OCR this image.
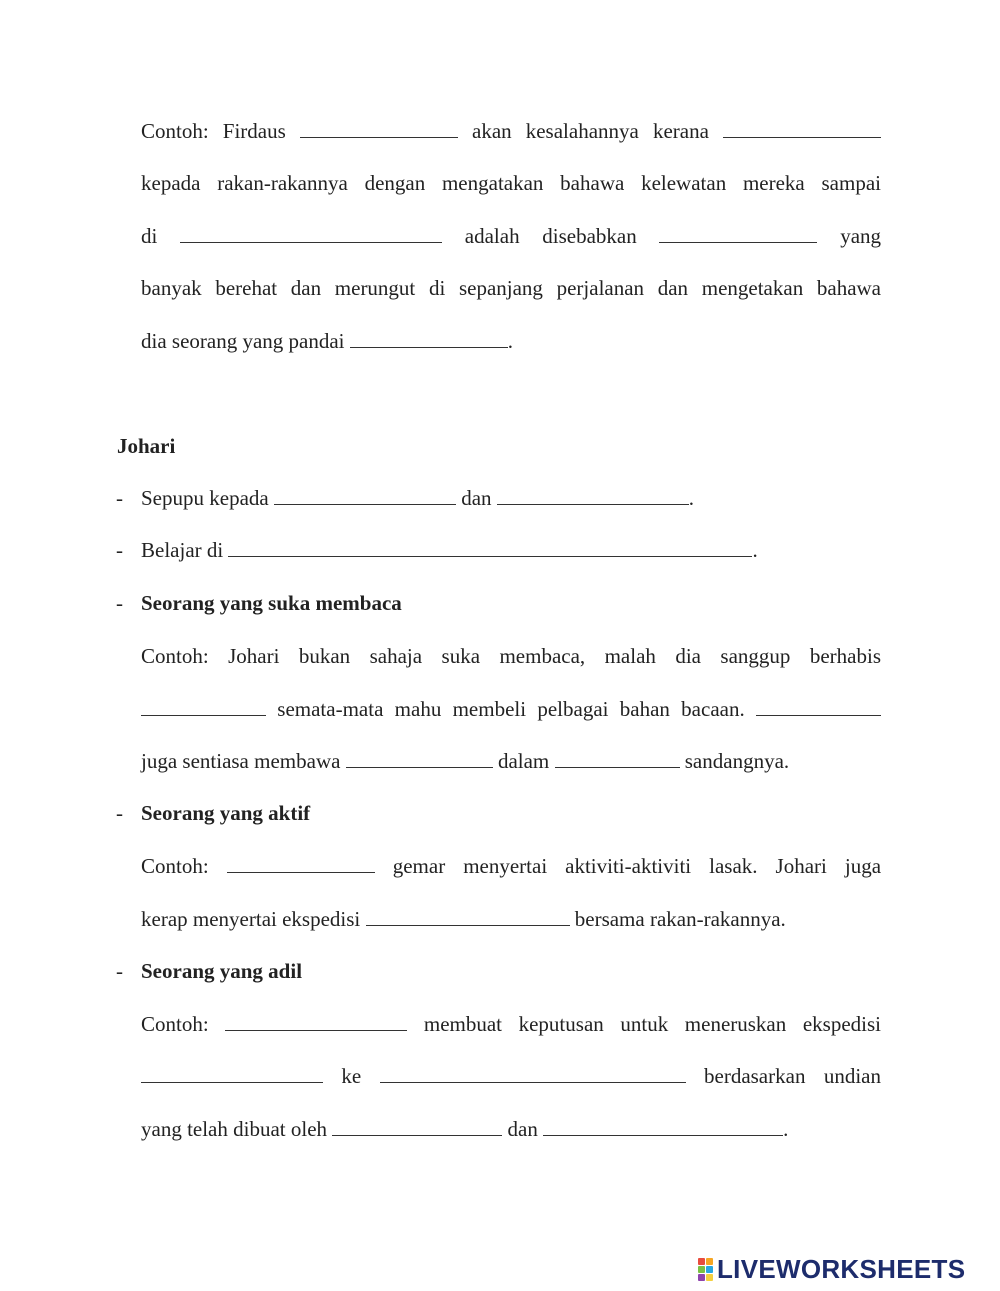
Contoh: Firdaus	akan kesalahannya kerana
kepada rakan-rakannya dengan mengatakan bahawa kelewatan mereka sampai
di	adalah disebabkan	yang
banyak berehat dan merungut di sepanjang perjalanan dan mengetakan bahawa
dia seorang yang pandai	.
Johari
- Sepupu kepada	dan	.
- Belajar di	.
- Seorang yang suka membaca
Contoh: Johari bukan sahaja suka membaca, malah dia sanggup berhabis
semata-mata mahu membeli pelbagai bahan bacaan.
juga sentiasa membawa	dalam	sandangnya.
- Seorang yang aktif
Contoh:	gemar menyertai aktiviti-aktiviti lasak. Johari juga
kerap menyertai ekspedisi	bersama rakan-rakannya.
- Seorang yang adil
Contoh:	membuat keputusan untuk meneruskan ekspedisi
ke	berdasarkan undian
yang telah dibuat oleh	dan	.
LIVEWORKSHEETS
